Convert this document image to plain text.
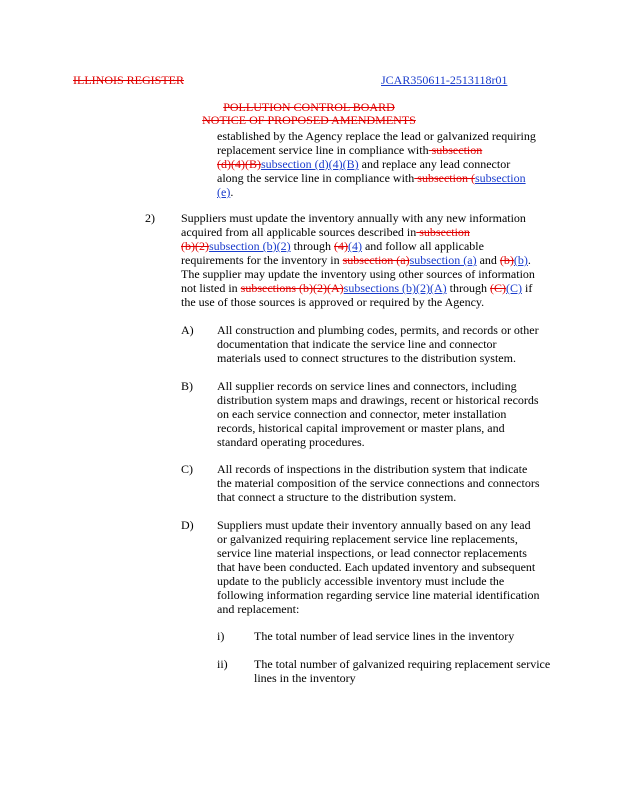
ILLINOIS REGISTER	JCAR350611-2513118r01
POLLUTION CONTROL BOARD
NOTICE OF PROPOSED AMENDMENTS
established by the Agency replace the lead or galvanized requiring
replacement service line in compliance with subsection
(d)(4)(B)subsection (d)(4)(B) and replace any lead connector
along the service line in compliance with subsection (subsection
(e).
2) Suppliers must update the inventory annually with any new information
acquired from all applicable sources described in subsection
(b)(2)subsection (b)(2) through (4)(4) and follow all applicable
requirements for the inventory in subsection (a)subsection (a) and (b)(b).
The supplier may update the inventory using other sources of information
not listed in subsections (b)(2)(A)subsections (b)(2)(A) through (C)(C) if
the use of those sources is approved or required by the Agency.
A) All construction and plumbing codes, permits, and records or other
documentation that indicate the service line and connector
materials used to connect structures to the distribution system.
B) All supplier records on service lines and connectors, including
distribution system maps and drawings, recent or historical records
on each service connection and connector, meter installation
records, historical capital improvement or master plans, and
standard operating procedures.
C) All records of inspections in the distribution system that indicate
the material composition of the service connections and connectors
that connect a structure to the distribution system.
D) Suppliers must update their inventory annually based on any lead
or galvanized requiring replacement service line replacements,
service line material inspections, or lead connector replacements
that have been conducted. Each updated inventory and subsequent
update to the publicly accessible inventory must include the
following information regarding service line material identification
and replacement:
i) The total number of lead service lines in the inventory
ii) The total number of galvanized requiring replacement service
lines in the inventory
